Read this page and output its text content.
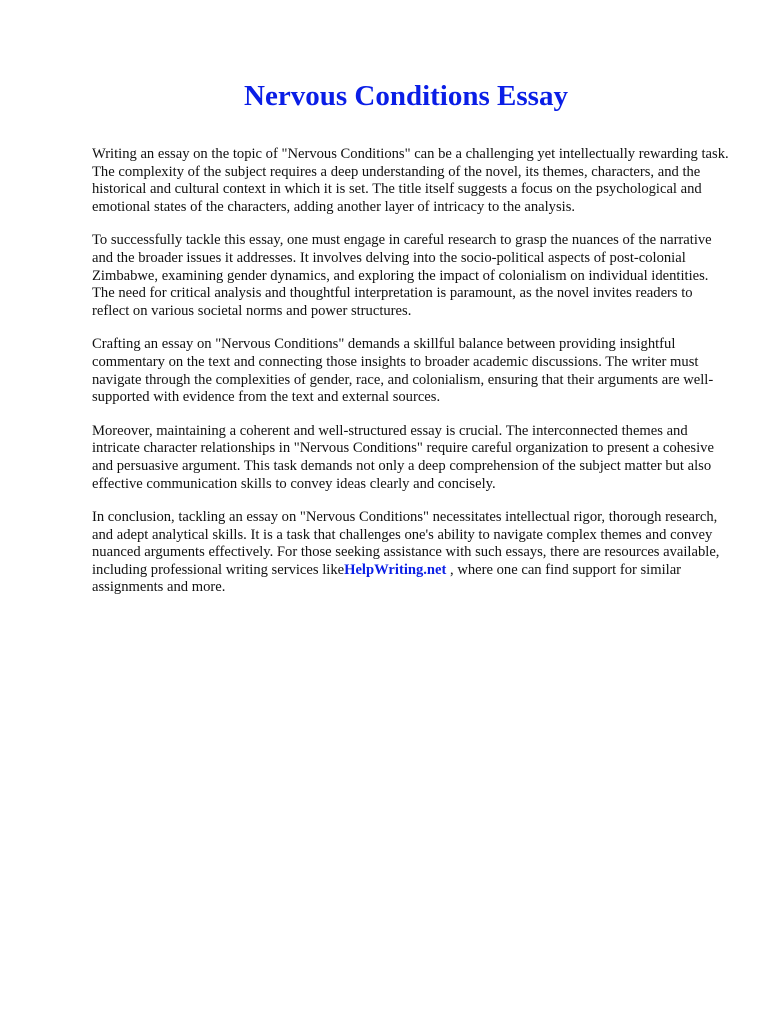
Nervous Conditions Essay

Writing an essay on the topic of "Nervous Conditions" can be a challenging yet intellectually rewarding task. The complexity of the subject requires a deep understanding of the novel, its themes, characters, and the historical and cultural context in which it is set. The title itself suggests a focus on the psychological and emotional states of the characters, adding another layer of intricacy to the analysis.

To successfully tackle this essay, one must engage in careful research to grasp the nuances of the narrative and the broader issues it addresses. It involves delving into the socio-political aspects of post-colonial Zimbabwe, examining gender dynamics, and exploring the impact of colonialism on individual identities. The need for critical analysis and thoughtful interpretation is paramount, as the novel invites readers to reflect on various societal norms and power structures.

Crafting an essay on "Nervous Conditions" demands a skillful balance between providing insightful commentary on the text and connecting those insights to broader academic discussions. The writer must navigate through the complexities of gender, race, and colonialism, ensuring that their arguments are well-supported with evidence from the text and external sources.

Moreover, maintaining a coherent and well-structured essay is crucial. The interconnected themes and intricate character relationships in "Nervous Conditions" require careful organization to present a cohesive and persuasive argument. This task demands not only a deep comprehension of the subject matter but also effective communication skills to convey ideas clearly and concisely.

In conclusion, tackling an essay on "Nervous Conditions" necessitates intellectual rigor, thorough research, and adept analytical skills. It is a task that challenges one's ability to navigate complex themes and convey nuanced arguments effectively. For those seeking assistance with such essays, there are resources available, including professional writing services likeHelpWriting.net , where one can find support for similar assignments and more.
